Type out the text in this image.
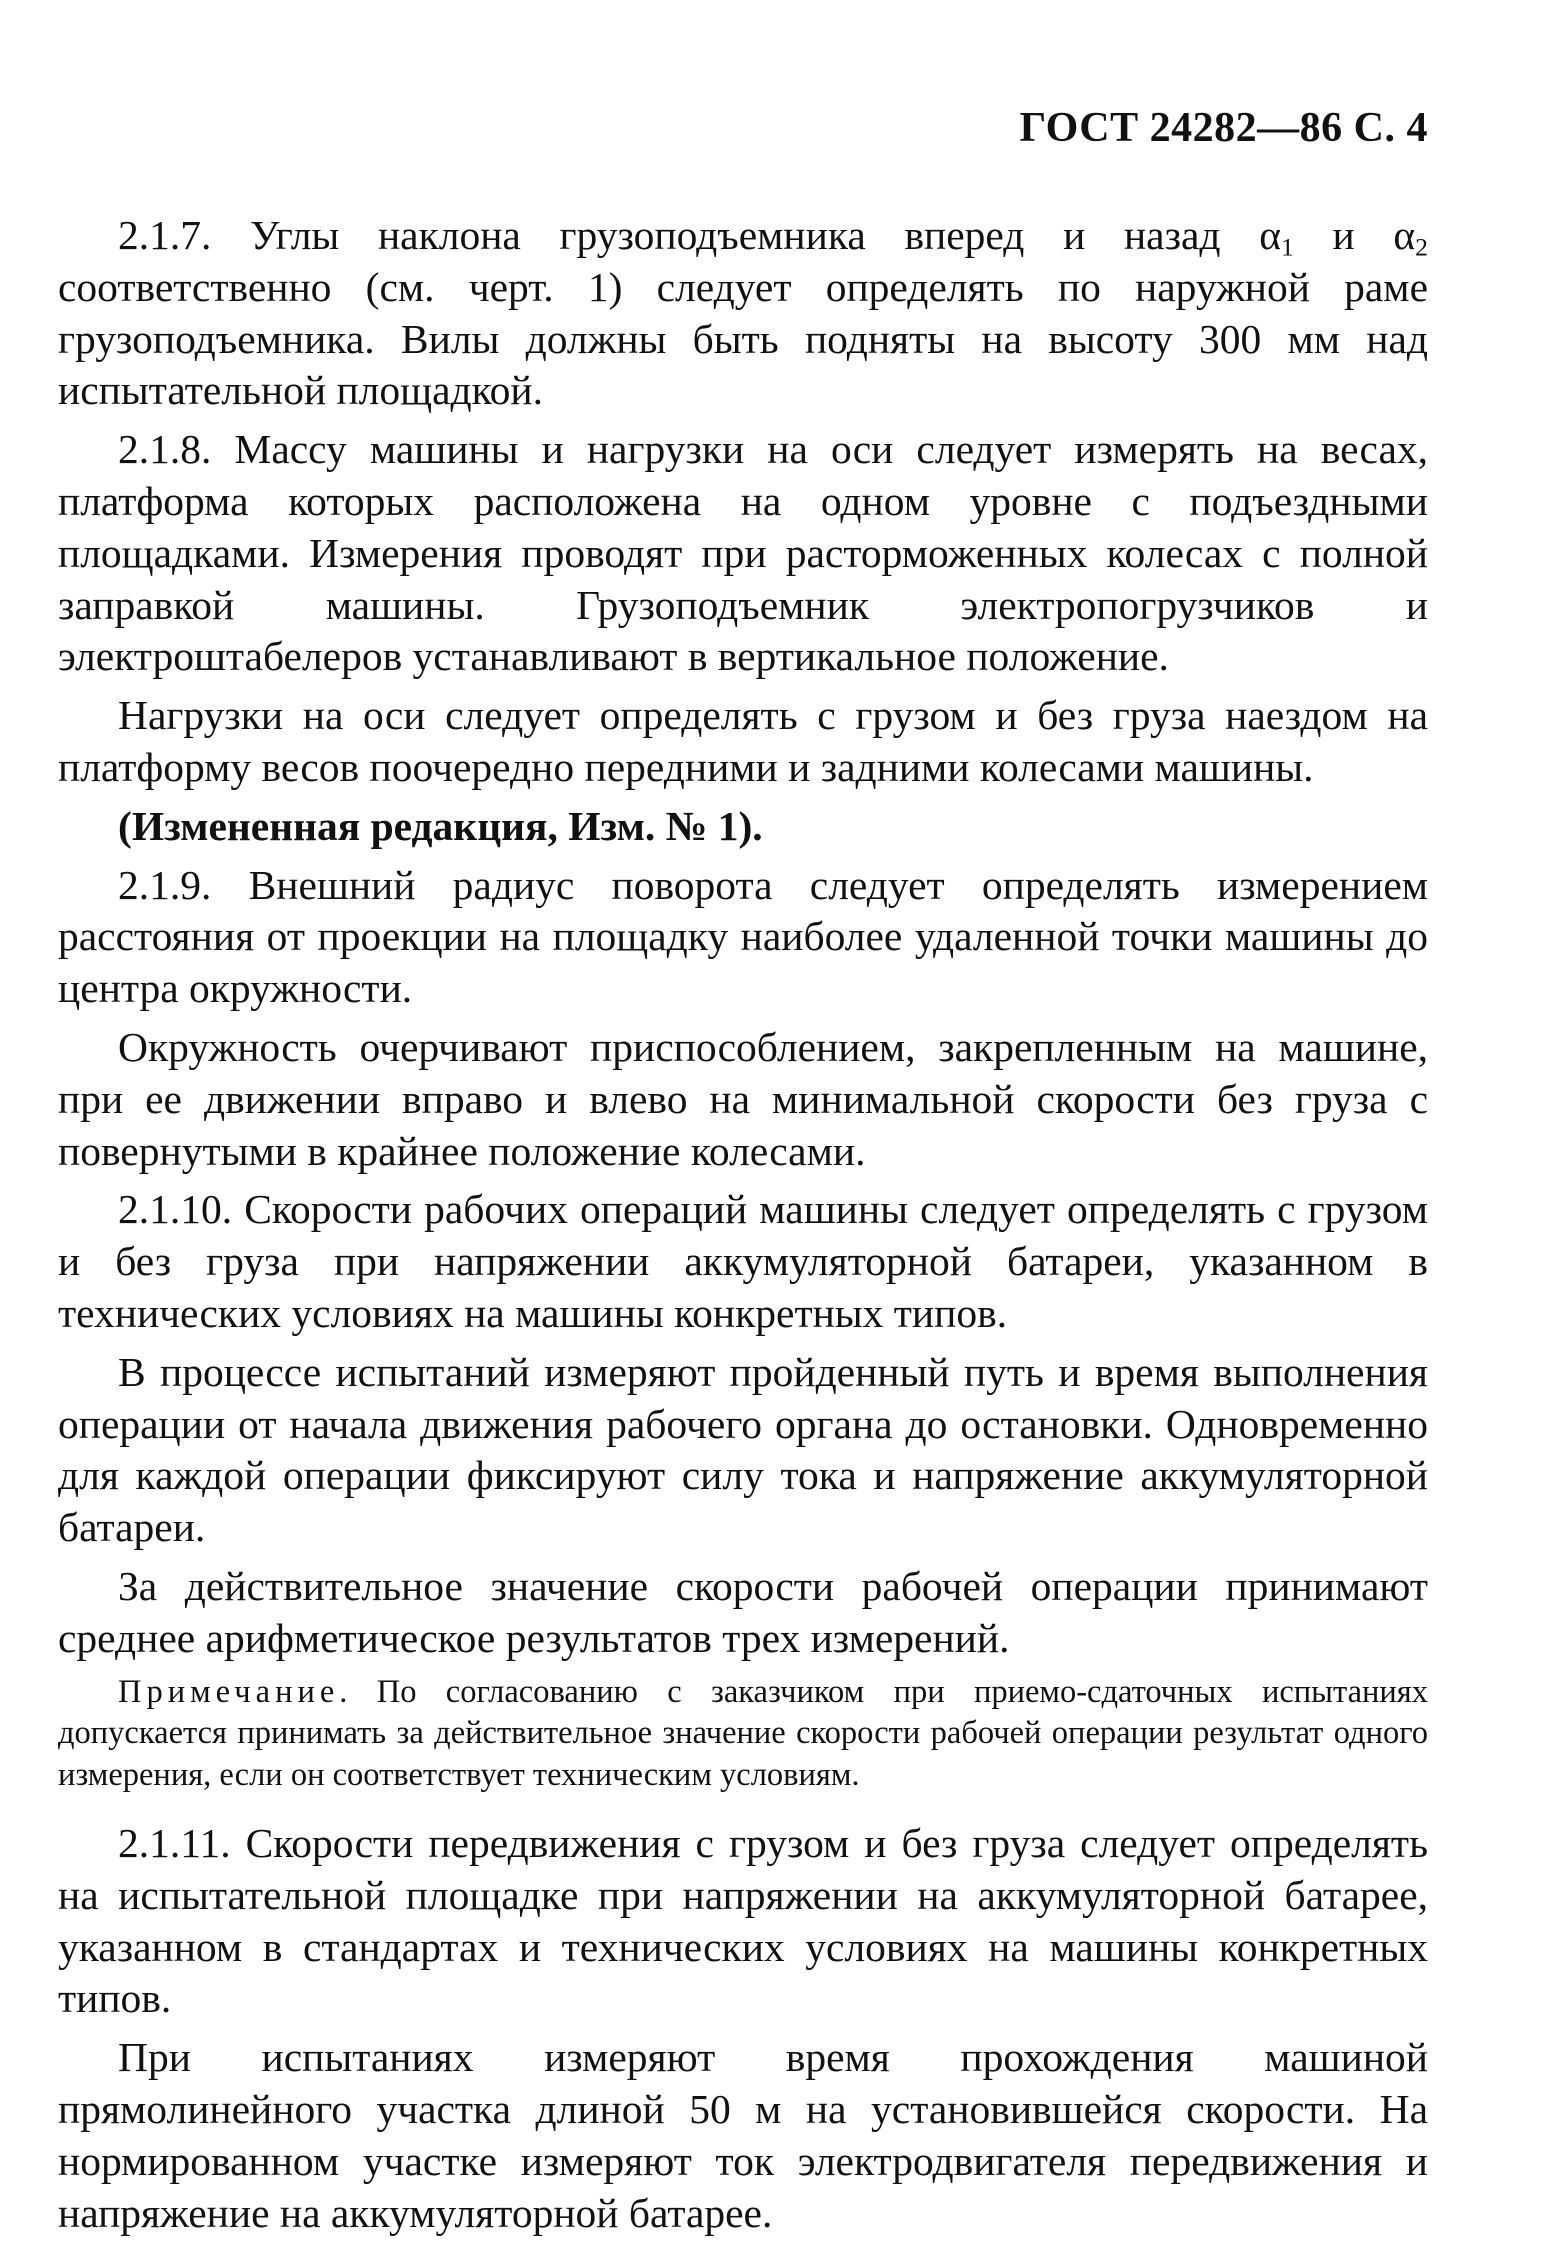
ГОСТ 24282—86 С. 4

2.1.7. Углы наклона грузоподъемника вперед и назад $\alpha_1$ и $\alpha_2$ соответственно (см. черт. 1) следует определять по наружной раме грузоподъемника. Вилы должны быть подняты на высоту 300 мм над испытательной площадкой.

2.1.8. Массу машины и нагрузки на оси следует измерять на весах, платформа которых расположена на одном уровне с подъездными площадками. Измерения проводят при расторможенных колесах с полной заправкой машины. Грузоподъемник электропогрузчиков и электроштабелеров устанавливают в вертикальное положение.

Нагрузки на оси следует определять с грузом и без груза наездом на платформу весов поочередно передними и задними колесами машины.

(Измененная редакция, Изм. № 1).

2.1.9. Внешний радиус поворота следует определять измерением расстояния от проекции на площадку наиболее удаленной точки машины до центра окружности.

Окружность очерчивают приспособлением, закрепленным на машине, при ее движении вправо и влево на минимальной скорости без груза с повернутыми в крайнее положение колесами.

2.1.10. Скорости рабочих операций машины следует определять с грузом и без груза при напряжении аккумуляторной батареи, указанном в технических условиях на машины конкретных типов.

В процессе испытаний измеряют пройденный путь и время выполнения операции от начала движения рабочего органа до остановки. Одновременно для каждой операции фиксируют силу тока и напряжение аккумуляторной батареи.

За действительное значение скорости рабочей операции принимают среднее арифметическое результатов трех измерений.

Примечание. По согласованию с заказчиком при приемо-сдаточных испытаниях допускается принимать за действительное значение скорости рабочей операции результат одного измерения, если он соответствует техническим условиям.

2.1.11. Скорости передвижения с грузом и без груза следует определять на испытательной площадке при напряжении на аккумуляторной батарее, указанном в стандартах и технических условиях на машины конкретных типов.

При испытаниях измеряют время прохождения машиной прямолинейного участка длиной 50 м на установившейся скорости. На нормированном участке измеряют ток электродвигателя передвижения и напряжение на аккумуляторной батарее.
